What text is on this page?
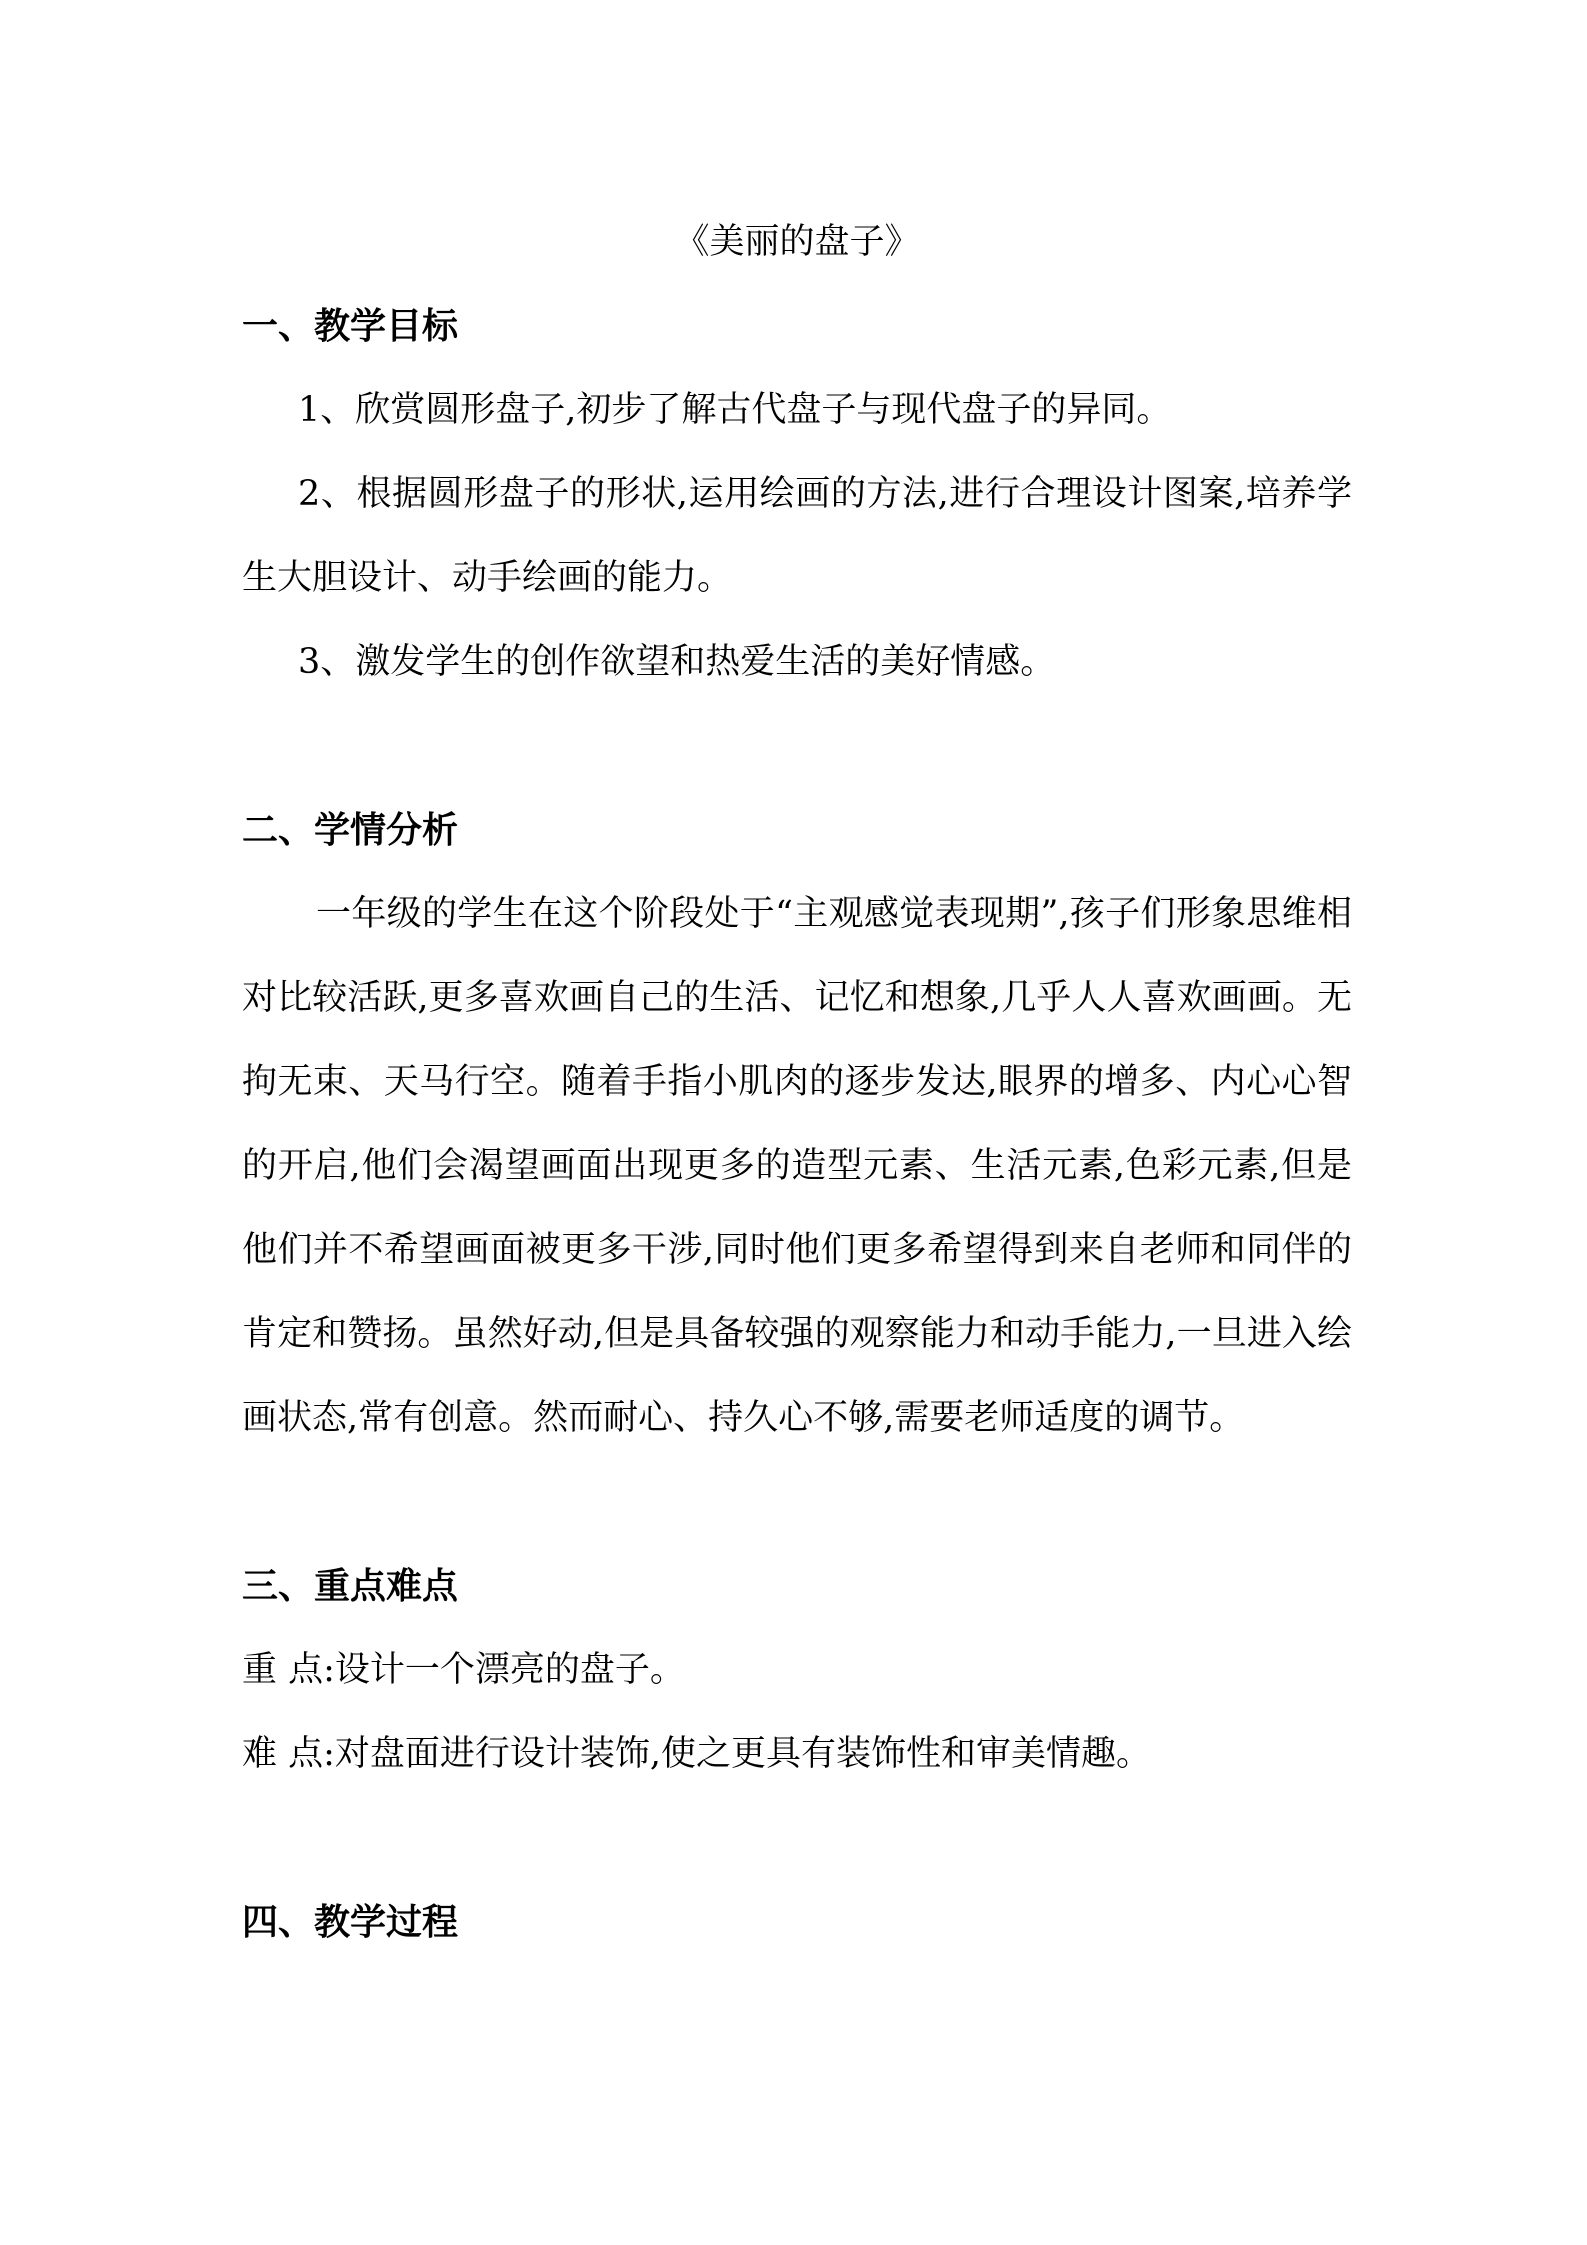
《美丽的盘子》

一、教学目标

1、欣赏圆形盘子,初步了解古代盘子与现代盘子的异同。

2、根据圆形盘子的形状,运用绘画的方法,进行合理设计图案,培养学生大胆设计、动手绘画的能力。

3、激发学生的创作欲望和热爱生活的美好情感。

二、学情分析

一年级的学生在这个阶段处于“主观感觉表现期”,孩子们形象思维相对比较活跃,更多喜欢画自己的生活、记忆和想象,几乎人人喜欢画画。无拘无束、天马行空。随着手指小肌肉的逐步发达,眼界的增多、内心心智的开启,他们会渴望画面出现更多的造型元素、生活元素,色彩元素,但是他们并不希望画面被更多干涉,同时他们更多希望得到来自老师和同伴的肯定和赞扬。虽然好动,但是具备较强的观察能力和动手能力,一旦进入绘画状态,常有创意。然而耐心、持久心不够,需要老师适度的调节。

三、重点难点

重 点:设计一个漂亮的盘子。

难 点:对盘面进行设计装饰,使之更具有装饰性和审美情趣。

四、教学过程
